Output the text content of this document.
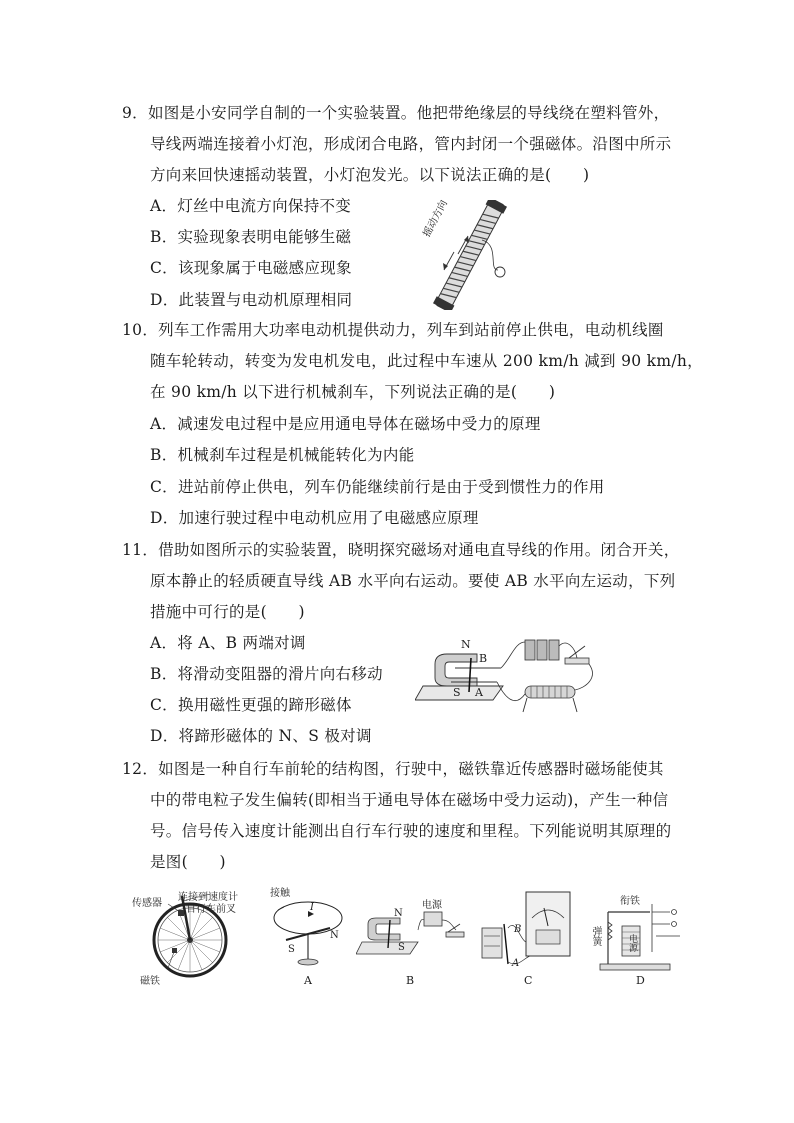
9．如图是小安同学自制的一个实验装置。他把带绝缘层的导线绕在塑料管外，
导线两端连接着小灯泡，形成闭合电路，管内封闭一个强磁体。沿图中所示
方向来回快速摇动装置，小灯泡发光。以下说法正确的是(　　)
A．灯丝中电流方向保持不变
B．实验现象表明电能够生磁
C．该现象属于电磁感应现象
D．此装置与电动机原理相同
摇动方向
10．列车工作需用大功率电动机提供动力，列车到站前停止供电，电动机线圈
随车轮转动，转变为发电机发电，此过程中车速从 200 km/h 减到 90 km/h，
在 90 km/h 以下进行机械刹车，下列说法正确的是(　　)
A．减速发电过程中是应用通电导体在磁场中受力的原理
B．机械刹车过程是机械能转化为内能
C．进站前停止供电，列车仍能继续前行是由于受到惯性力的作用
D．加速行驶过程中电动机应用了电磁感应原理
11．借助如图所示的实验装置，晓明探究磁场对通电直导线的作用。闭合开关，
原本静止的轻质硬直导线 AB 水平向右运动。要使 AB 水平向左运动，下列
措施中可行的是(　　)
A．将 A、B 两端对调
B．将滑动变阻器的滑片向右移动
C．换用磁性更强的蹄形磁体
D．将蹄形磁体的 N、S 极对调
N
S
B
A
12．如图是一种自行车前轮的结构图，行驶中，磁铁靠近传感器时磁场能使其
中的带电粒子发生偏转(即相当于通电导体在磁场中受力运动)，产生一种信
号。信号传入速度计能测出自行车行驶的速度和里程。下列能说明其原理的
是图(　　)
传感器
连接到速度计
自行车前叉
磁铁
接触
I
S
N
A
电源
N
S
B
B
A
C
衔铁
弹簧	电源
D
